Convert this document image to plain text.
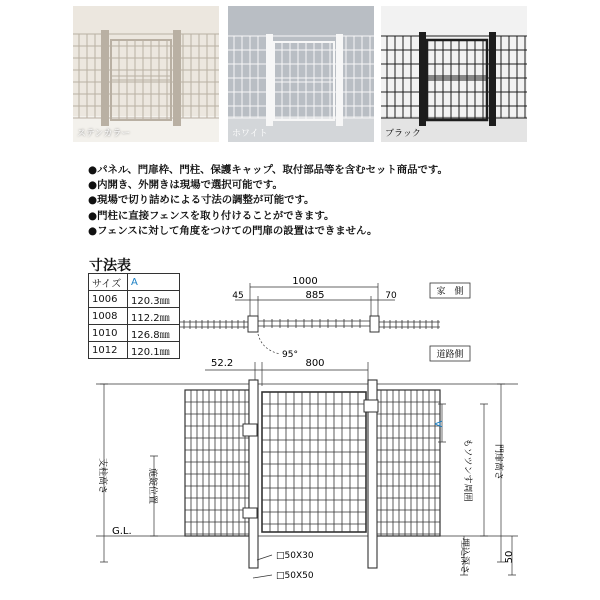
ステンカラー	ホワイト	ブラック
●パネル、門扉枠、門柱、保護キャップ、取付部品等を含むセット商品です。
●内開き、外開きは現場で選択可能です。
●現場で切り詰めによる寸法の調整が可能です。
●門柱に直接フェンスを取り付けることができます。
●フェンスに対して角度をつけての門扉の設置はできません。
寸法表
サイズ	A
1006	120.3㎜
1008	112.2㎜
1010	126.8㎜
1012	120.1㎜
1000
45	885	70
95°
家　側
道路側
52.2	800
A
支柱高さ	施錠位置	もソツンす周囲 門扉高さ
G.L.
埋込深さ	50
□50X30
□50X50
